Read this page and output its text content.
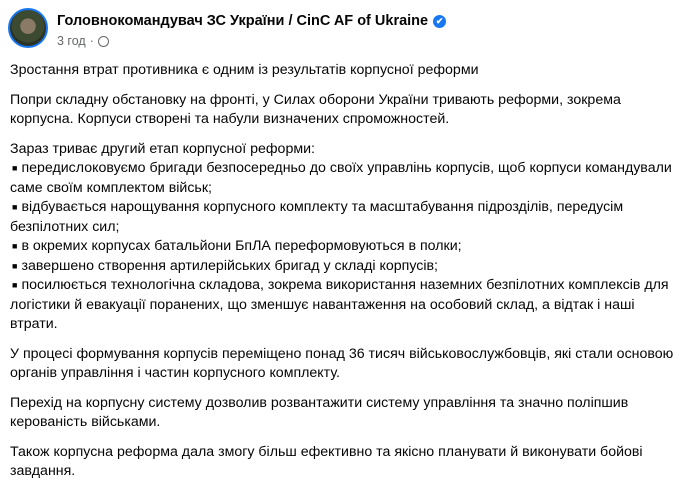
Головнокомандувач ЗС України / CinC AF of Ukraine ✔
3 год ·

Зростання втрат противника є одним із результатів корпусної реформи

Попри складну обстановку на фронті, у Силах оборони України тривають реформи, зокрема корпусна. Корпуси створені та набули визначених спроможностей.

Зараз триває другий етап корпусної реформи:
■ передислоковуємо бригади безпосередньо до своїх управлінь корпусів, щоб корпуси командували саме своїм комплектом військ;
■ відбувається нарощування корпусного комплекту та масштабування підрозділів, передусім безпілотних сил;
■ в окремих корпусах батальйони БпЛА переформовуються в полки;
■ завершено створення артилерійських бригад у складі корпусів;
■ посилюється технологічна складова, зокрема використання наземних безпілотних комплексів для логістики й евакуації поранених, що зменшує навантаження на особовий склад, а відтак і наші втрати.

У процесі формування корпусів переміщено понад 36 тисяч військовослужбовців, які стали основою органів управління і частин корпусного комплекту.

Перехід на корпусну систему дозволив розвантажити систему управління та значно поліпшив керованість військами.

Також корпусна реформа дала змогу більш ефективно та якісно планувати й виконувати бойові завдання.
